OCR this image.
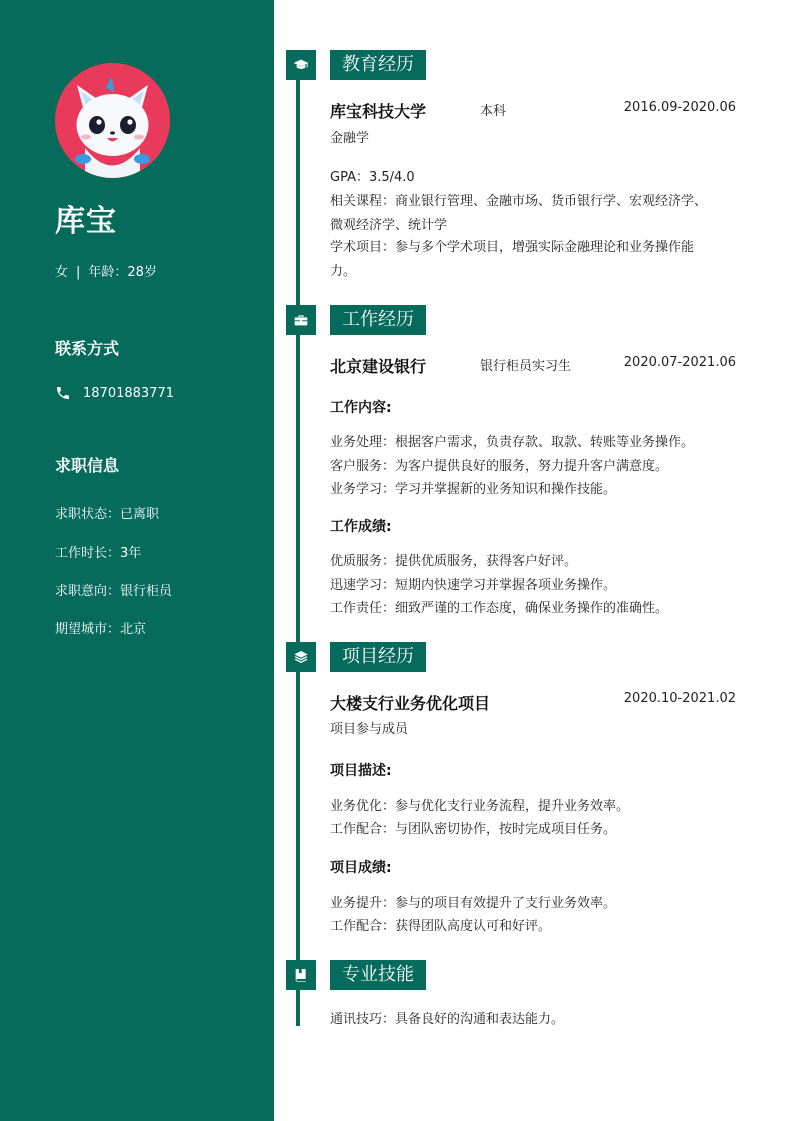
库宝
女 | 年龄：28岁
联系方式
18701883771
求职信息
求职状态：已离职
工作时长：3年
求职意向：银行柜员
期望城市：北京
教育经历
库宝科技大学	本科	2016.09-2020.06
金融学
GPA：3.5/4.0
相关课程：商业银行管理、金融市场、货币银行学、宏观经济学、
微观经济学、统计学
学术项目：参与多个学术项目，增强实际金融理论和业务操作能
力。
工作经历
北京建设银行	银行柜员实习生	2020.07-2021.06
工作内容:
业务处理：根据客户需求，负责存款、取款、转账等业务操作。
客户服务：为客户提供良好的服务，努力提升客户满意度。
业务学习：学习并掌握新的业务知识和操作技能。
工作成绩:
优质服务：提供优质服务，获得客户好评。
迅速学习：短期内快速学习并掌握各项业务操作。
工作责任：细致严谨的工作态度，确保业务操作的准确性。
项目经历
大楼支行业务优化项目	2020.10-2021.02
项目参与成员
项目描述:
业务优化：参与优化支行业务流程，提升业务效率。
工作配合：与团队密切协作，按时完成项目任务。
项目成绩:
业务提升：参与的项目有效提升了支行业务效率。
工作配合：获得团队高度认可和好评。
专业技能
通讯技巧：具备良好的沟通和表达能力。
